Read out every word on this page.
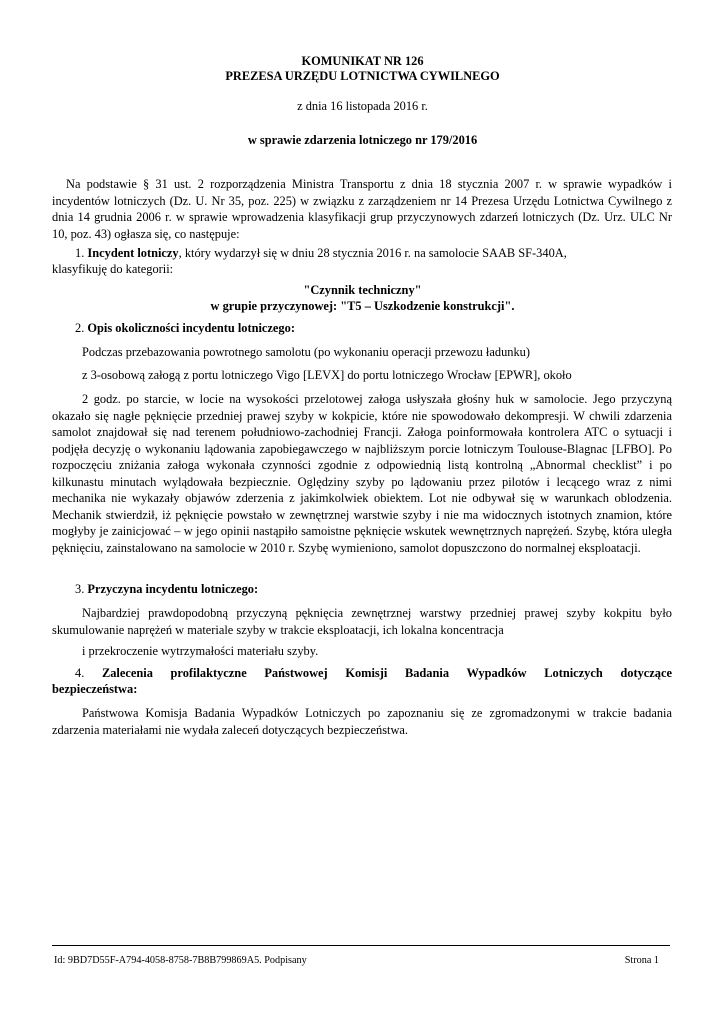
KOMUNIKAT NR 126
PREZESA URZĘDU LOTNICTWA CYWILNEGO
z dnia 16 listopada 2016 r.
w sprawie zdarzenia lotniczego nr 179/2016
Na podstawie § 31 ust. 2 rozporządzenia Ministra Transportu z dnia 18 stycznia 2007 r. w sprawie wypadków i incydentów lotniczych (Dz. U. Nr 35, poz. 225) w związku z zarządzeniem nr 14 Prezesa Urzędu Lotnictwa Cywilnego z dnia 14 grudnia 2006 r. w sprawie wprowadzenia klasyfikacji grup przyczynowych zdarzeń lotniczych (Dz. Urz. ULC Nr 10, poz. 43) ogłasza się, co następuje:
1. Incydent lotniczy, który wydarzył się w dniu 28 stycznia 2016 r. na samolocie SAAB SF-340A,
klasyfikuję do kategorii:
"Czynnik techniczny"
w grupie przyczynowej: "T5 – Uszkodzenie konstrukcji".
2. Opis okoliczności incydentu lotniczego:
Podczas przebazowania powrotnego samolotu (po wykonaniu operacji przewozu ładunku)
z 3-osobową załogą z portu lotniczego Vigo [LEVX] do portu lotniczego Wrocław [EPWR], około
2 godz. po starcie, w locie na wysokości przelotowej załoga usłyszała głośny huk w samolocie. Jego przyczyną okazało się nagłe pęknięcie przedniej prawej szyby w kokpicie, które nie spowodowało dekompresji. W chwili zdarzenia samolot znajdował się nad terenem południowo-zachodniej Francji. Załoga poinformowała kontrolera ATC o sytuacji i podjęła decyzję o wykonaniu lądowania zapobiegawczego w najbliższym porcie lotniczym Toulouse-Blagnac [LFBO]. Po rozpoczęciu zniżania załoga wykonała czynności zgodnie z odpowiednią listą kontrolną „Abnormal checklist” i po kilkunastu minutach wylądowała bezpiecznie. Oględziny szyby po lądowaniu przez pilotów i lecącego wraz z nimi mechanika nie wykazały objawów zderzenia z jakimkolwiek obiektem. Lot nie odbywał się w warunkach oblodzenia. Mechanik stwierdził, iż pęknięcie powstało w zewnętrznej warstwie szyby i nie ma widocznych istotnych znamion, które mogłyby je zainicjować – w jego opinii nastąpiło samoistne pęknięcie wskutek wewnętrznych naprężeń. Szybę, która uległa pęknięciu, zainstalowano na samolocie w 2010 r. Szybę wymieniono, samolot dopuszczono do normalnej eksploatacji.
3. Przyczyna incydentu lotniczego:
Najbardziej prawdopodobną przyczyną pęknięcia zewnętrznej warstwy przedniej prawej szyby kokpitu było skumulowanie naprężeń w materiale szyby w trakcie eksploatacji, ich lokalna koncentracja
i przekroczenie wytrzymałości materiału szyby.
4. Zalecenia profilaktyczne Państwowej Komisji Badania Wypadków Lotniczych dotyczące
bezpieczeństwa:
Państwowa Komisja Badania Wypadków Lotniczych po zapoznaniu się ze zgromadzonymi w trakcie badania zdarzenia materiałami nie wydała zaleceń dotyczących bezpieczeństwa.
Id: 9BD7D55F-A794-4058-8758-7B8B799869A5. Podpisany	Strona 1
